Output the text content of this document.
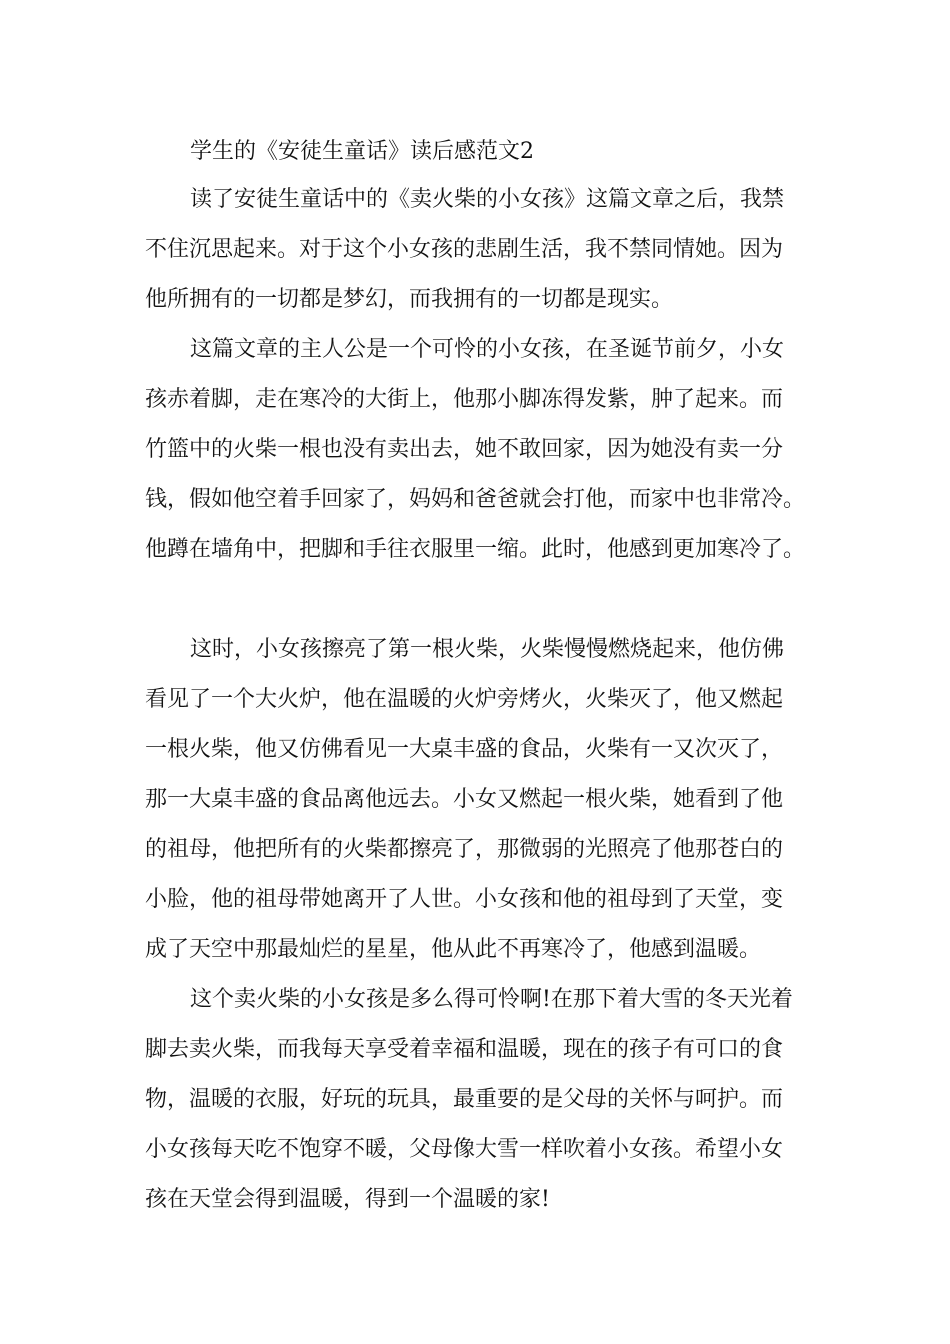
学生的《安徒生童话》读后感范文2

读了安徒生童话中的《卖火柴的小女孩》这篇文章之后，我禁

不住沉思起来。对于这个小女孩的悲剧生活，我不禁同情她。因为

他所拥有的一切都是梦幻，而我拥有的一切都是现实。

这篇文章的主人公是一个可怜的小女孩，在圣诞节前夕，小女

孩赤着脚，走在寒冷的大街上，他那小脚冻得发紫，肿了起来。而

竹篮中的火柴一根也没有卖出去，她不敢回家，因为她没有卖一分

钱，假如他空着手回家了，妈妈和爸爸就会打他，而家中也非常冷。

他蹲在墙角中，把脚和手往衣服里一缩。此时，他感到更加寒冷了。

这时，小女孩擦亮了第一根火柴，火柴慢慢燃烧起来，他仿佛

看见了一个大火炉，他在温暖的火炉旁烤火，火柴灭了，他又燃起

一根火柴，他又仿佛看见一大桌丰盛的食品，火柴有一又次灭了，

那一大桌丰盛的食品离他远去。小女又燃起一根火柴，她看到了他

的祖母，他把所有的火柴都擦亮了，那微弱的光照亮了他那苍白的

小脸，他的祖母带她离开了人世。小女孩和他的祖母到了天堂，变

成了天空中那最灿烂的星星，他从此不再寒冷了，他感到温暖。

这个卖火柴的小女孩是多么得可怜啊!在那下着大雪的冬天光着

脚去卖火柴，而我每天享受着幸福和温暖，现在的孩子有可口的食

物，温暖的衣服，好玩的玩具，最重要的是父母的关怀与呵护。而

小女孩每天吃不饱穿不暖，父母像大雪一样吹着小女孩。希望小女

孩在天堂会得到温暖，得到一个温暖的家!
